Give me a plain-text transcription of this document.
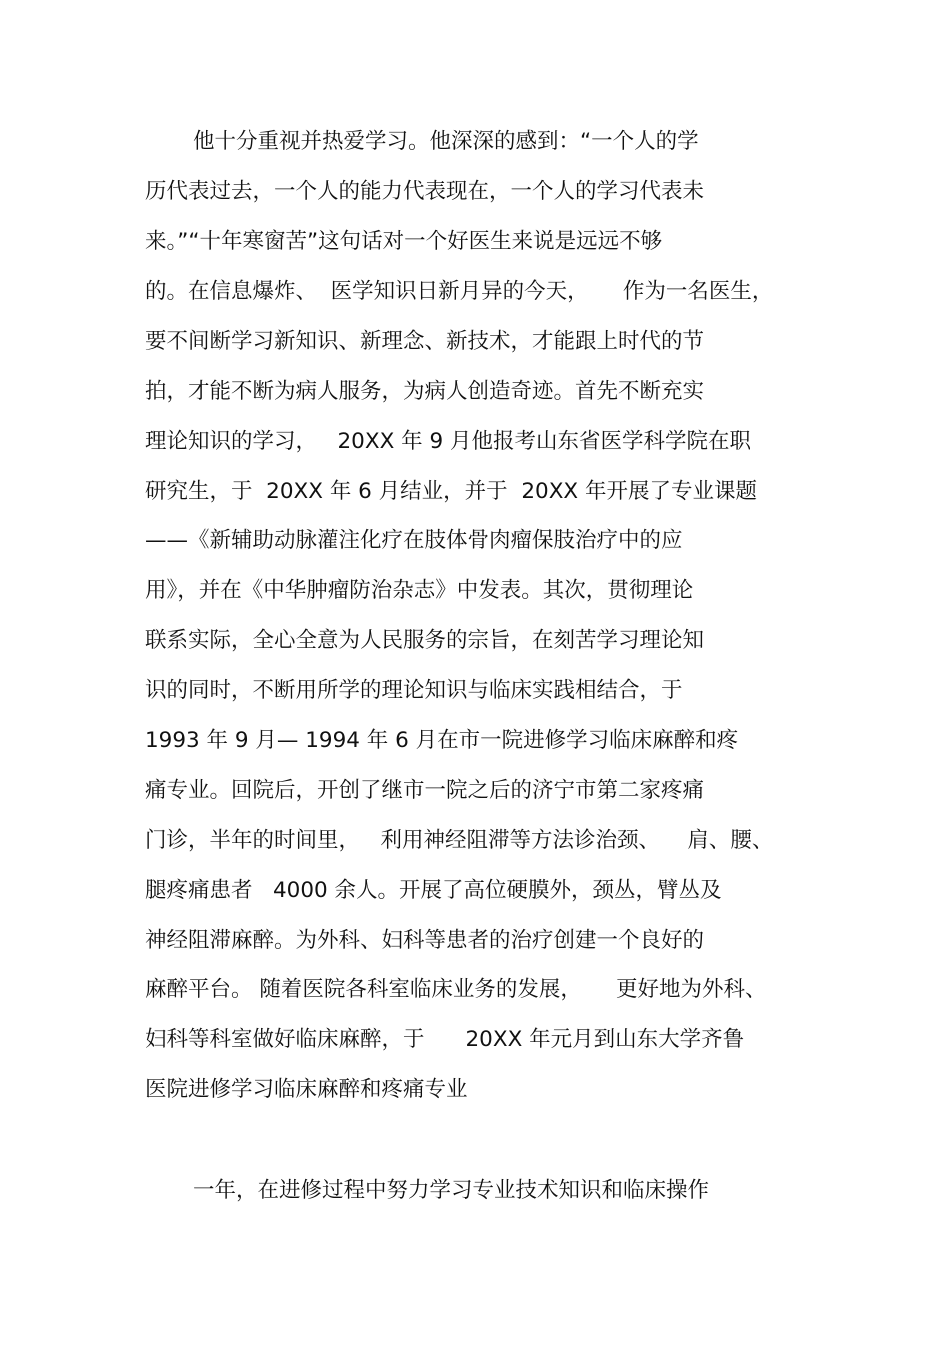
他十分重视并热爱学习。他深深的感到：“一个人的学
历代表过去，一个人的能力代表现在，一个人的学习代表未
来。”“十年寒窗苦”这句话对一个好医生来说是远远不够
的。在信息爆炸、  医学知识日新月异的今天，     作为一名医生，
要不间断学习新知识、新理念、新技术，才能跟上时代的节
拍，才能不断为病人服务，为病人创造奇迹。首先不断充实
理论知识的学习，   20XX 年 9 月他报考山东省医学科学院在职
研究生，于  20XX 年 6 月结业，并于  20XX 年开展了专业课题
——《新辅助动脉灌注化疗在肢体骨肉瘤保肢治疗中的应
用》，并在《中华肿瘤防治杂志》中发表。其次，贯彻理论
联系实际，全心全意为人民服务的宗旨，在刻苦学习理论知
识的同时，不断用所学的理论知识与临床实践相结合，于
1993 年 9 月— 1994 年 6 月在市一院进修学习临床麻醉和疼
痛专业。回院后，开创了继市一院之后的济宁市第二家疼痛
门诊，半年的时间里，   利用神经阻滞等方法诊治颈、    肩、腰、
腿疼痛患者   4000 余人。开展了高位硬膜外，颈丛，臂丛及
神经阻滞麻醉。为外科、妇科等患者的治疗创建一个良好的
麻醉平台。 随着医院各科室临床业务的发展，     更好地为外科、
妇科等科室做好临床麻醉，于      20XX 年元月到山东大学齐鲁
医院进修学习临床麻醉和疼痛专业
一年，在进修过程中努力学习专业技术知识和临床操作
